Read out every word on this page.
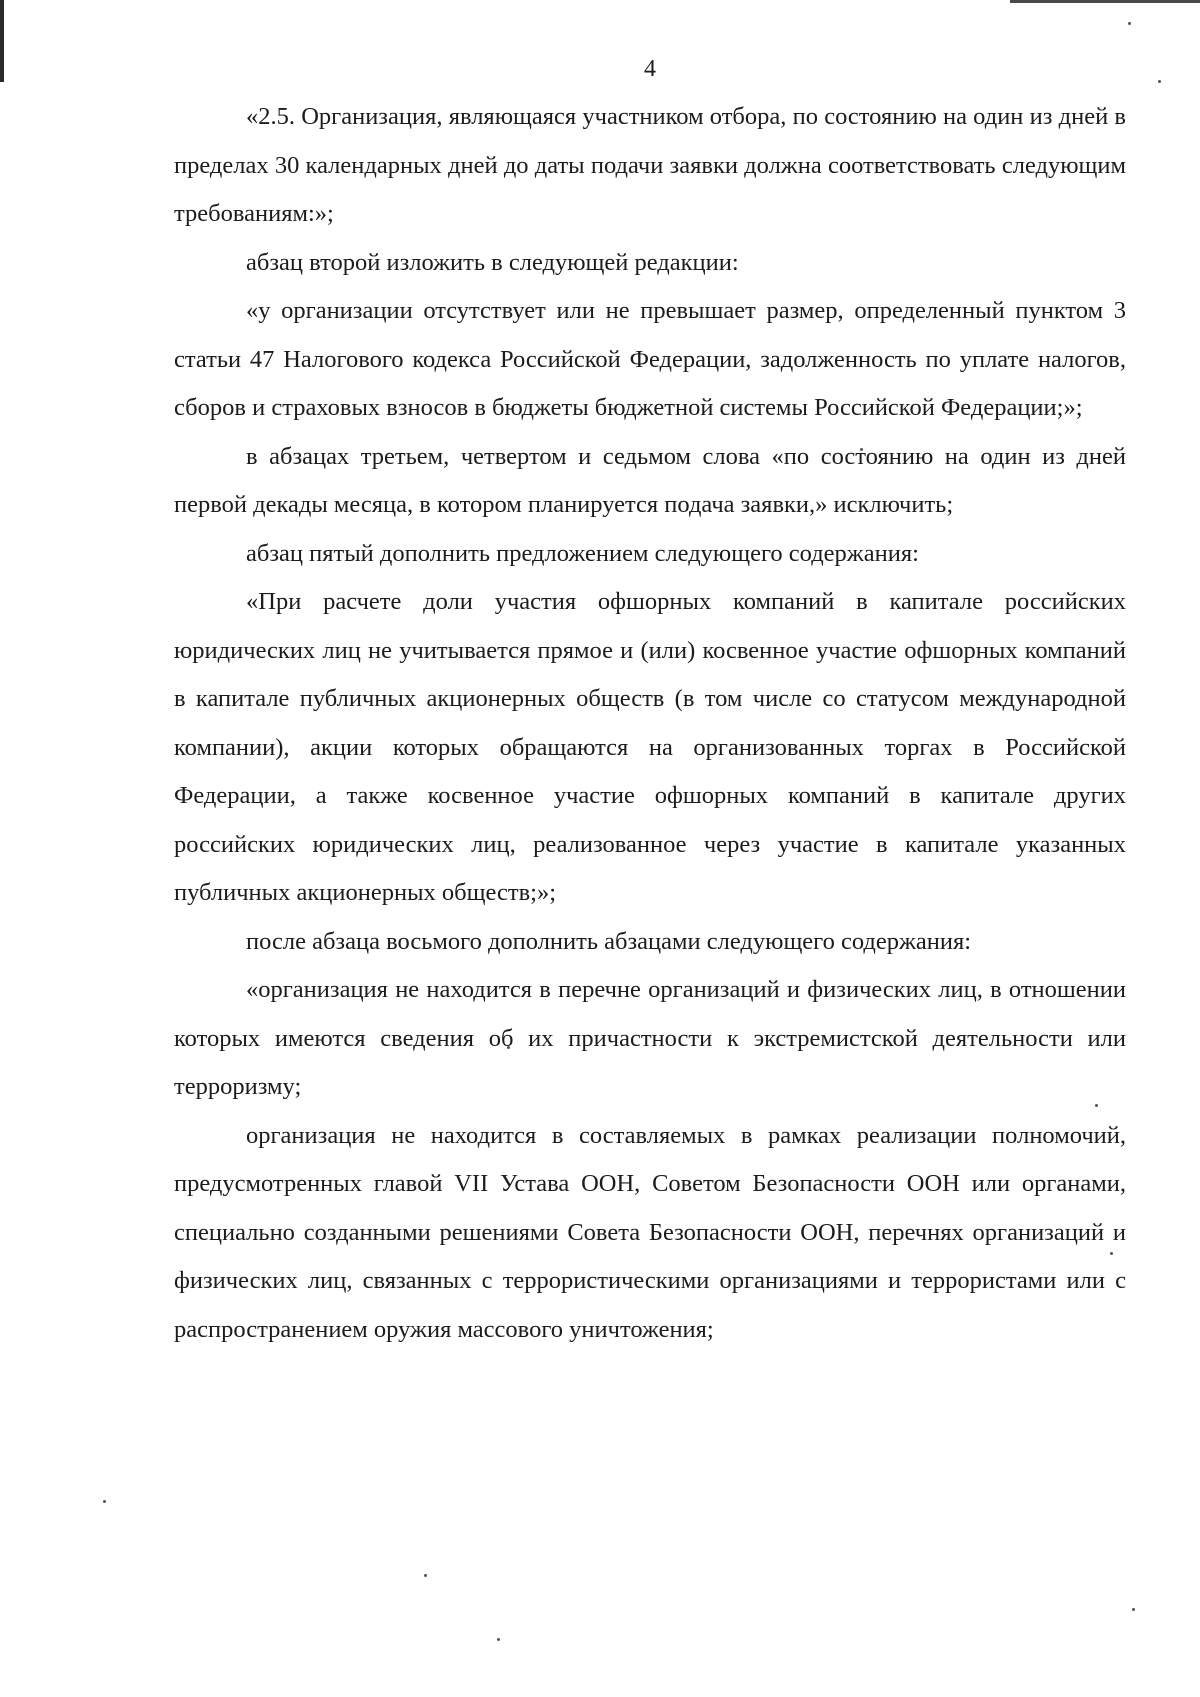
4

«2.5. Организация, являющаяся участником отбора, по состоянию на один из дней в пределах 30 календарных дней до даты подачи заявки должна соответствовать следующим требованиям:»;

абзац второй изложить в следующей редакции:

«у организации отсутствует или не превышает размер, определенный пунктом 3 статьи 47 Налогового кодекса Российской Федерации, задолженность по уплате налогов, сборов и страховых взносов в бюджеты бюджетной системы Российской Федерации;»;

в абзацах третьем, четвертом и седьмом слова «по состоянию на один из дней первой декады месяца, в котором планируется подача заявки,» исключить;

абзац пятый дополнить предложением следующего содержания:

«При расчете доли участия офшорных компаний в капитале российских юридических лиц не учитывается прямое и (или) косвенное участие офшорных компаний в капитале публичных акционерных обществ (в том числе со статусом международной компании), акции которых обращаются на организованных торгах в Российской Федерации, а также косвенное участие офшорных компаний в капитале других российских юридических лиц, реализованное через участие в капитале указанных публичных акционерных обществ;»;

после абзаца восьмого дополнить абзацами следующего содержания:

«организация не находится в перечне организаций и физических лиц, в отношении которых имеются сведения об их причастности к экстремистской деятельности или терроризму;

организация не находится в составляемых в рамках реализации полномочий, предусмотренных главой VII Устава ООН, Советом Безопасности ООН или органами, специально созданными решениями Совета Безопасности ООН, перечнях организаций и физических лиц, связанных с террористическими организациями и террористами или с распространением оружия массового уничтожения;
